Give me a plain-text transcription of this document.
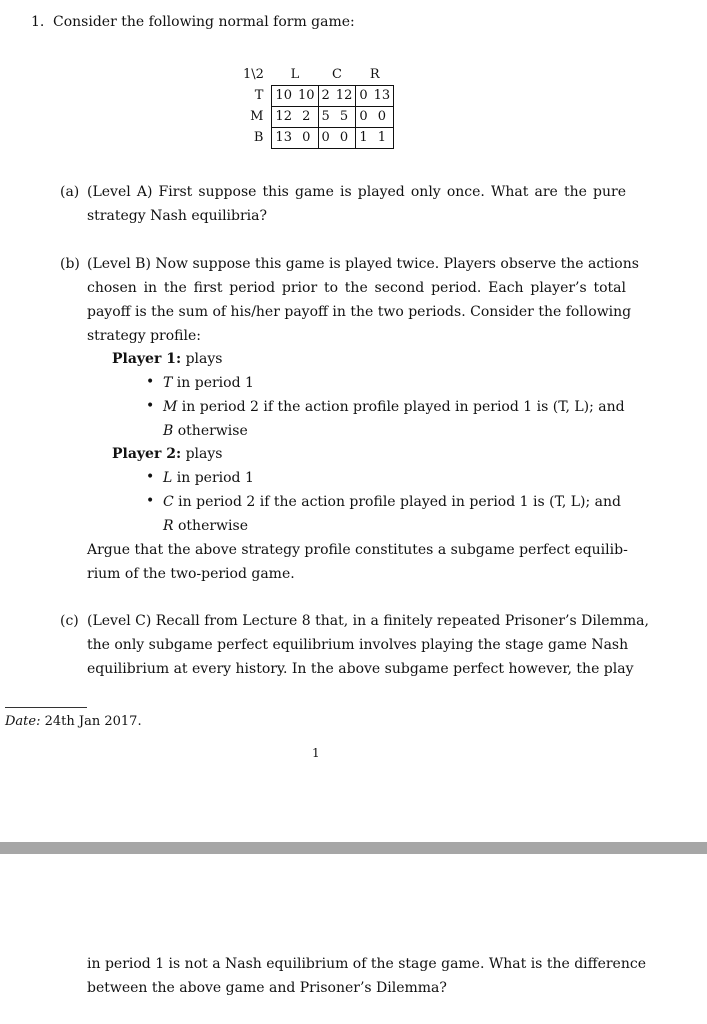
1. Consider the following normal form game:
1\2	L		C		R	
T	10	10	2	12	0	13
M	12	2	5	5	0	0
B	13	0	0	0	1	1
(a) (Level A) First suppose this game is played only once. What are the pure
strategy Nash equilibria?
(b) (Level B) Now suppose this game is played twice. Players observe the actions
chosen in the first period prior to the second period. Each player’s total
payoff is the sum of his/her payoff in the two periods. Consider the following
strategy profile:
Player 1: plays
• T in period 1
• M in period 2 if the action profile played in period 1 is (T, L); and
B otherwise
Player 2: plays
• L in period 1
• C in period 2 if the action profile played in period 1 is (T, L); and
R otherwise
Argue that the above strategy profile constitutes a subgame perfect equilib-
rium of the two-period game.
(c) (Level C) Recall from Lecture 8 that, in a finitely repeated Prisoner’s Dilemma,
the only subgame perfect equilibrium involves playing the stage game Nash
equilibrium at every history. In the above subgame perfect however, the play
Date: 24th Jan 2017.
1
in period 1 is not a Nash equilibrium of the stage game. What is the difference
between the above game and Prisoner’s Dilemma?
